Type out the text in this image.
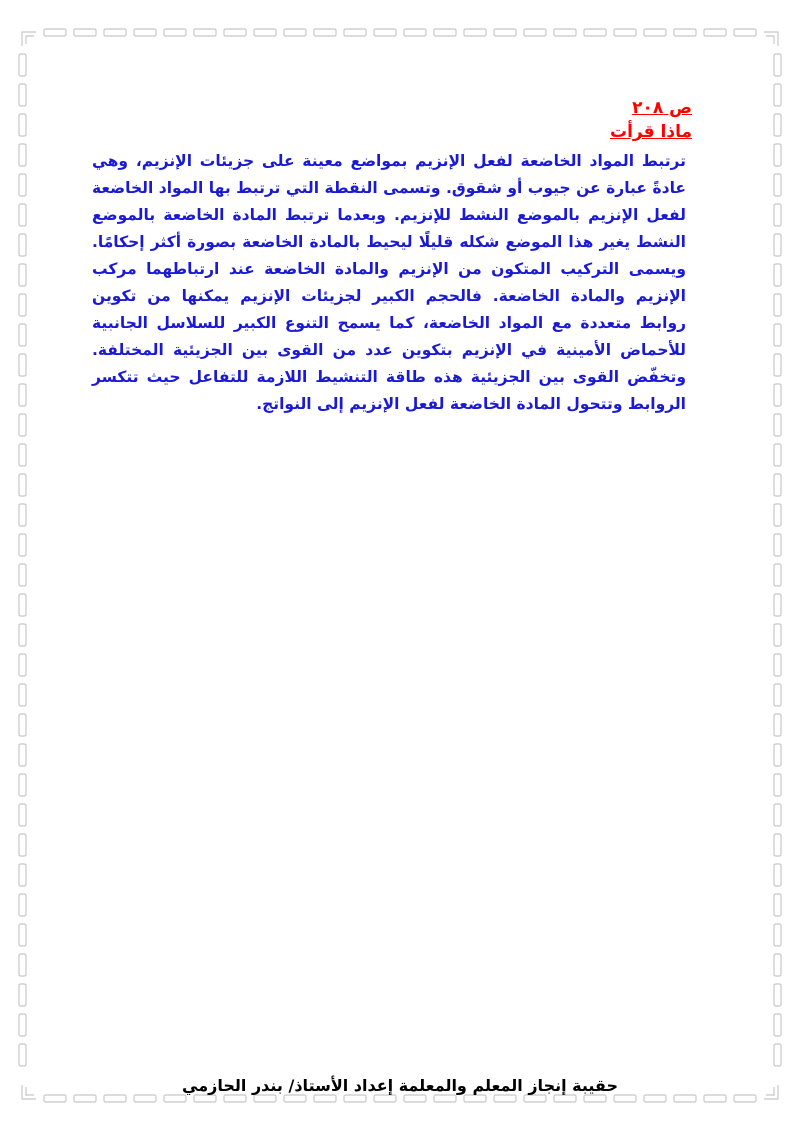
ص ٢٠٨
ماذا قرأت

ترتبط المواد الخاضعة لفعل الإنزيم بمواضع معينة على جزيئات الإنزيم، وهي عادةً عبارة عن جيوب أو شقوق. وتسمى النقطة التي ترتبط بها المواد الخاضعة لفعل الإنزيم بالموضع النشط للإنزيم. وبعدما ترتبط المادة الخاضعة بالموضع النشط يغير هذا الموضع شكله قليلًا ليحيط بالمادة الخاضعة بصورة أكثر إحكامًا. ويسمى التركيب المتكون من الإنزيم والمادة الخاضعة عند ارتباطهما مركب الإنزيم والمادة الخاضعة. فالحجم الكبير لجزيئات الإنزيم يمكنها من تكوين روابط متعددة مع المواد الخاضعة، كما يسمح التنوع الكبير للسلاسل الجانبية للأحماض الأمينية في الإنزيم بتكوين عدد من القوى بين الجزيئية المختلفة. وتخفّض القوى بين الجزيئية هذه طاقة التنشيط اللازمة للتفاعل حيث تتكسر الروابط وتتحول المادة الخاضعة لفعل الإنزيم إلى النواتج.

حقيبة إنجاز المعلم والمعلمة إعداد الأستاذ/ بندر الحازمي
